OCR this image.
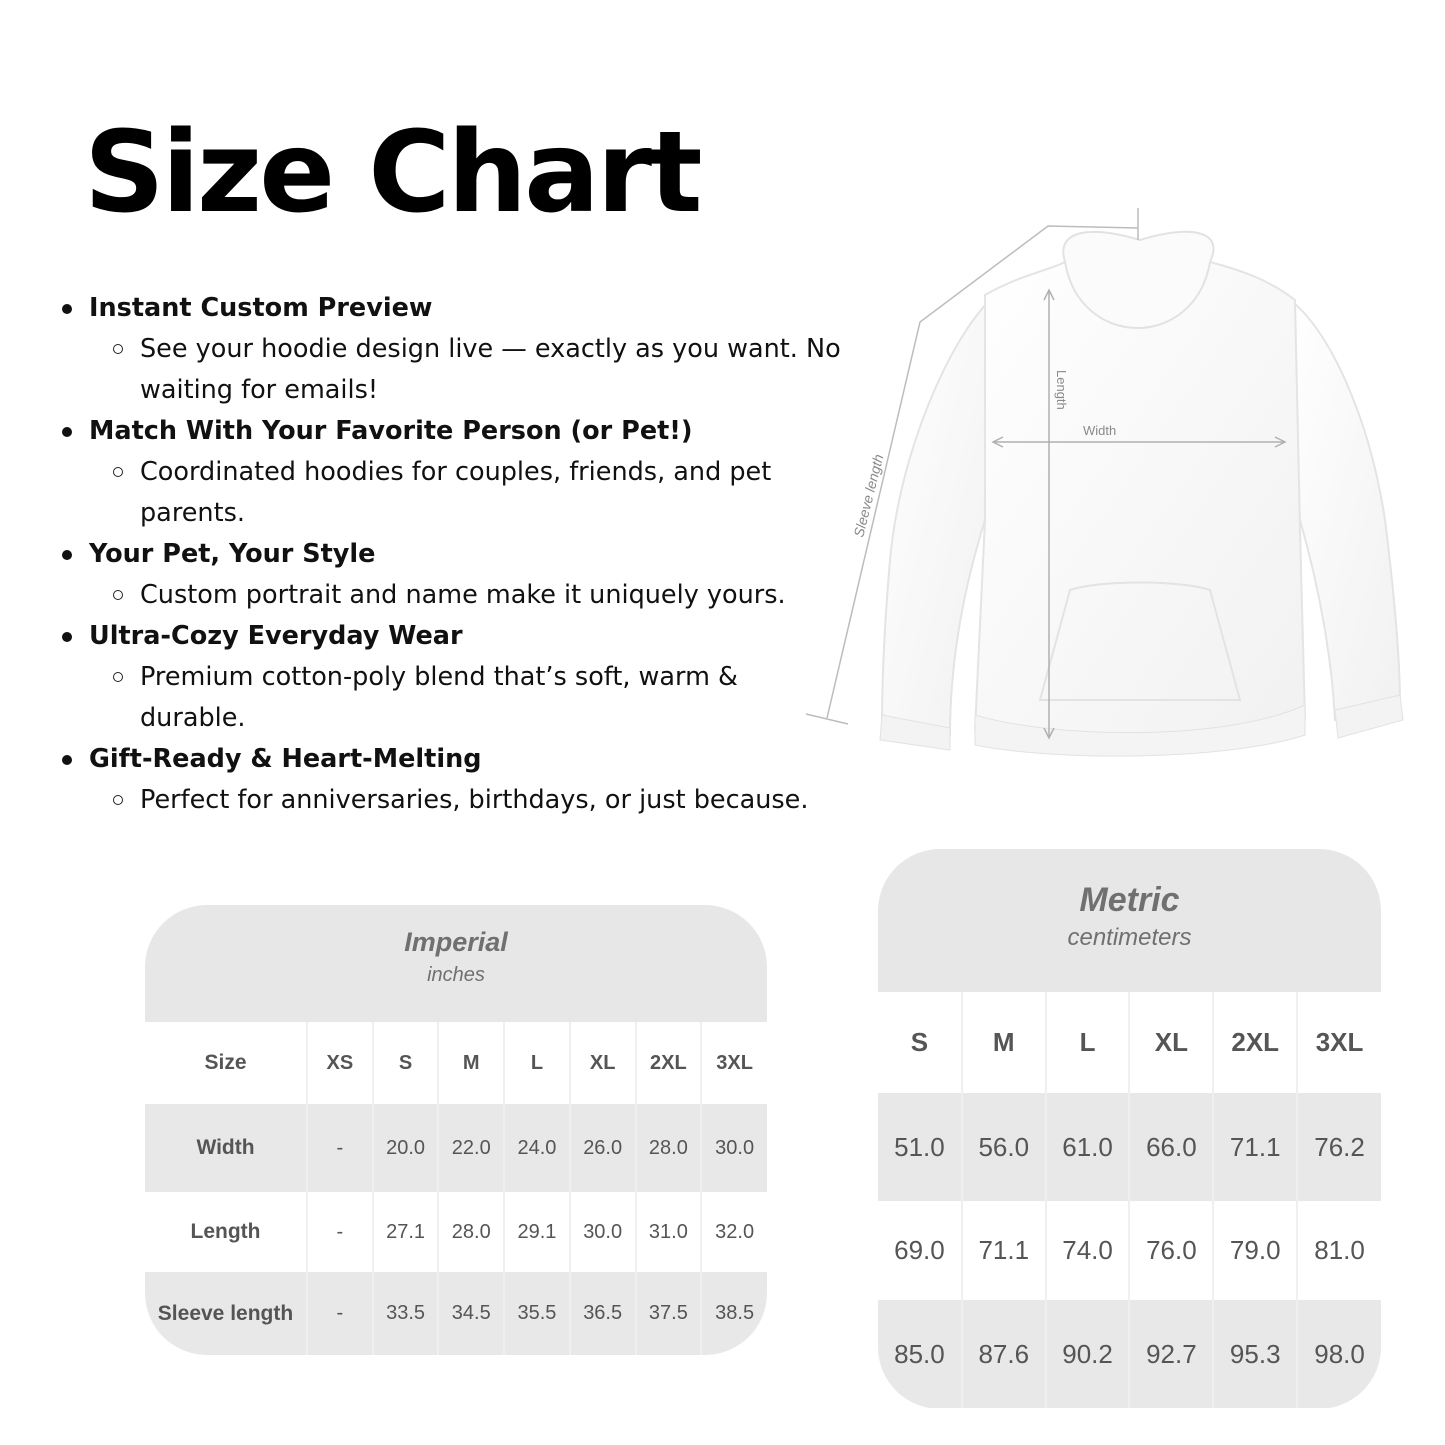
Size Chart
Instant Custom Preview
See your hoodie design live — exactly as you want. No waiting for emails!
Match With Your Favorite Person (or Pet!)
Coordinated hoodies for couples, friends, and pet parents.
Your Pet, Your Style
Custom portrait and name make it uniquely yours.
Ultra-Cozy Everyday Wear
Premium cotton-poly blend that’s soft, warm & durable.
Gift-Ready & Heart-Melting
Perfect for anniversaries, birthdays, or just because.
Width
Length
Sleeve length
Imperial
inches
Size	XS	S	M	L	XL	2XL	3XL
Width	-	20.0	22.0	24.0	26.0	28.0	30.0
Length	-	27.1	28.0	29.1	30.0	31.0	32.0
Sleeve length	-	33.5	34.5	35.5	36.5	37.5	38.5
Metric
centimeters
S	M	L	XL	2XL	3XL
51.0	56.0	61.0	66.0	71.1	76.2
69.0	71.1	74.0	76.0	79.0	81.0
85.0	87.6	90.2	92.7	95.3	98.0
